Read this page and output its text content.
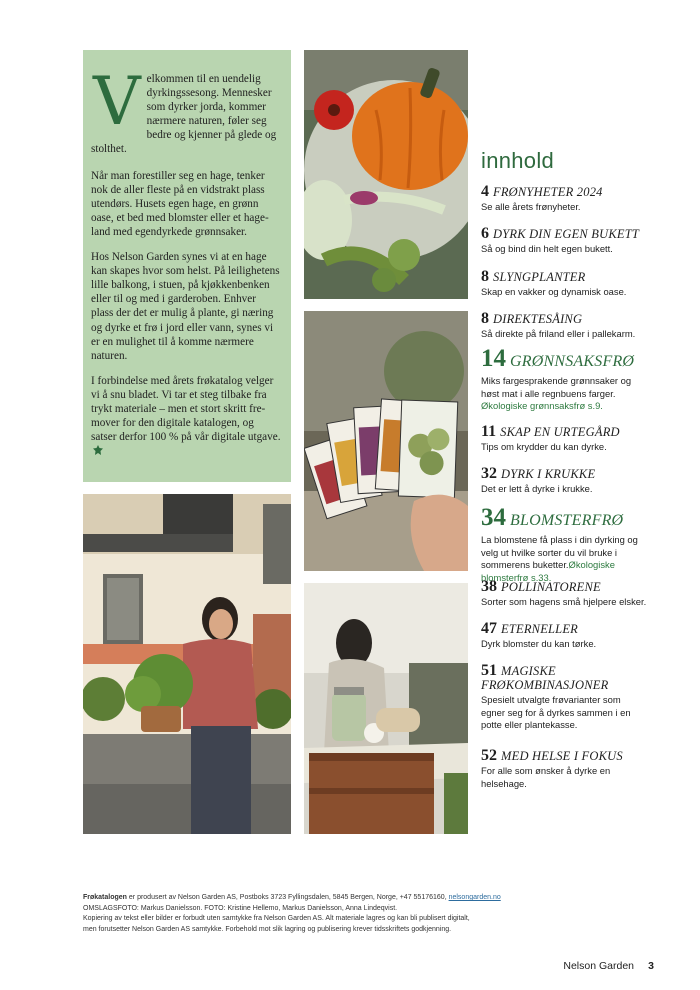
V elkommen til en uendelig dyrkingssesong. Mennesker som dyrker jorda, kommer nærmere naturen, føler seg bedre og kjenner på glede og stolthet.

Når man forestiller seg en hage, tenker nok de aller fleste på en vidstrakt plass utendørs. Husets egen hage, en grønn oase, et bed med blomster eller et hage-land med egendyrkede grønnsaker.

Hos Nelson Garden synes vi at en hage kan skapes hvor som helst. På leilighetens lille balkong, i stuen, på kjøkkenbenken eller til og med i garderoben. Enhver plass der det er mulig å plante, gi næring og dyrke et frø i jord eller vann, synes vi er en mulighet til å komme nærmere naturen.

I forbindelse med årets frøkatalog velger vi å snu bladet. Vi tar et steg tilbake fra trykt materiale – men et stort skritt fre-mover for den digitale katalogen, og satser derfor 100 % på vår digitale utgave.

innhold
4 FRØNYHETER 2024
Se alle årets frønyheter.
6 DYRK DIN EGEN BUKETT
Så og bind din helt egen bukett.
8 SLYNGPLANTER
Skap en vakker og dynamisk oase.
8 DIREKTESÅING
Så direkte på friland eller i pallekarm.
14 GRØNNSAKSFRØ
Miks fargesprakende grønnsaker og høst mat i alle regnbuens farger.
Økologiske grønnsaksfrø s.9.
11 SKAP EN URTEGÅRD
Tips om krydder du kan dyrke.
32 DYRK I KRUKKE
Det er lett å dyrke i krukke.
34 BLOMSTERFRØ
La blomstene få plass i din dyrking og velg ut hvilke sorter du vil bruke i sommerens buketter.Økologiske blomsterfrø s.33.
38 POLLINATORENE
Sorter som hagens små hjelpere elsker.
47 ETERNELLER
Dyrk blomster du kan tørke.
51 MAGISKE FRØKOMBINASJONER
Spesielt utvalgte frøvarianter som egner seg for å dyrkes sammen i en potte eller plantekasse.
52 MED HELSE I FOKUS
For alle som ønsker å dyrke en helsehage.
Frøkatalogen er produsert av Nelson Garden AS, Postboks 3723 Fyllingsdalen, 5845 Bergen, Norge, +47 55176160, nelsongarden.no
OMSLAGSFOTO: Markus Danielsson. FOTO: Kristine Hellemo, Markus Danielsson, Anna Lindeqvist.
Kopiering av tekst eller bilder er forbudt uten samtykke fra Nelson Garden AS. Alt materiale lagres og kan bli publisert digitalt,
men forutsetter Nelson Garden AS samtykke. Forbehold mot slik lagring og publisering krever tidsskriftets godkjenning.
Nelson Garden 3
